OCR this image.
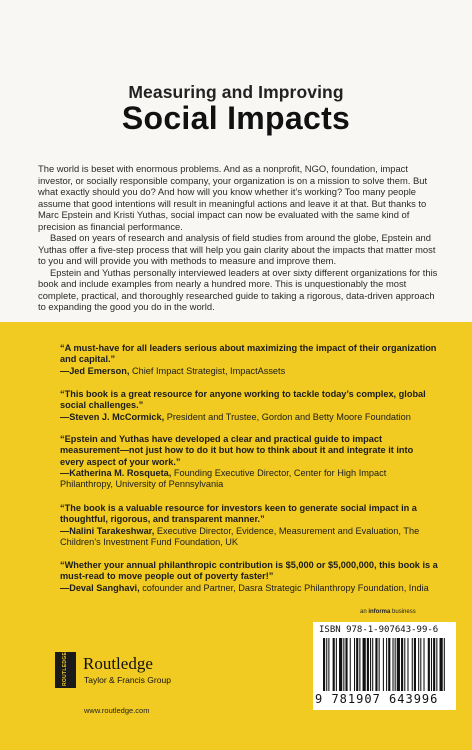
Measuring and Improving
Social Impacts

The world is beset with enormous problems. And as a nonprofit, NGO, foundation, impact investor, or socially responsible company, your organization is on a mission to solve them. But what exactly should you do? And how will you know whether it’s working? Too many people assume that good intentions will result in meaningful actions and leave it at that. But thanks to Marc Epstein and Kristi Yuthas, social impact can now be evaluated with the same kind of precision as financial performance.

Based on years of research and analysis of field studies from around the globe, Epstein and Yuthas offer a five-step process that will help you gain clarity about the impacts that matter most to you and will provide you with methods to measure and improve them.

Epstein and Yuthas personally interviewed leaders at over sixty different organizations for this book and include examples from nearly a hundred more. This is unquestionably the most complete, practical, and thoroughly researched guide to taking a rigorous, data-driven approach to expanding the good you do in the world.

“A must-have for all leaders serious about maximizing the impact of their organization and capital.”
—Jed Emerson, Chief Impact Strategist, ImpactAssets
“This book is a great resource for anyone working to tackle today’s complex, global social challenges.”
—Steven J. McCormick, President and Trustee, Gordon and Betty Moore Foundation
“Epstein and Yuthas have developed a clear and practical guide to impact measurement—not just how to do it but how to think about it and integrate it into every aspect of your work.”
—Katherina M. Rosqueta, Founding Executive Director, Center for High Impact Philanthropy, University of Pennsylvania
“The book is a valuable resource for investors keen to generate social impact in a thoughtful, rigorous, and transparent manner.”
—Nalini Tarakeshwar, Executive Director, Evidence, Measurement and Evaluation, The Children’s Investment Fund Foundation, UK
“Whether your annual philanthropic contribution is $5,000 or $5,000,000, this book is a must-read to move people out of poverty faster!”
—Deval Sanghavi, cofounder and Partner, Dasra Strategic Philanthropy Foundation, India
an informa business
ROUTLEDGE Routledge
Taylor & Francis Group
www.routledge.com
ISBN 978-1-907643-99-6
9 781907 643996
